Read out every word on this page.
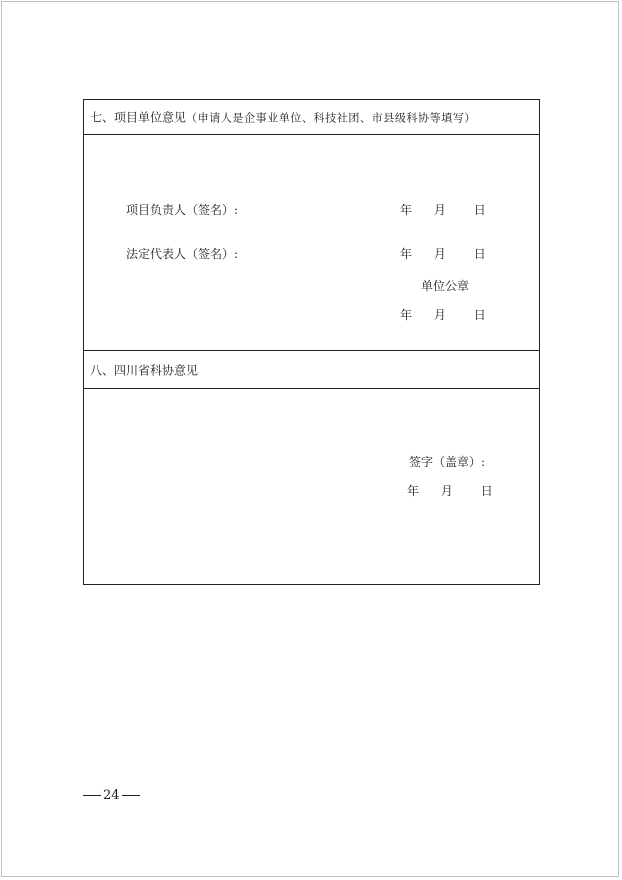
七、项目单位意见（申请人是企事业单位、科技社团、市县级科协等填写）
项目负责人（签名）:	年 月 日
法定代表人（签名）:	年 月 日
单位公章
年 月 日
八、四川省科协意见
签字（盖章）:
年 月 日
24
